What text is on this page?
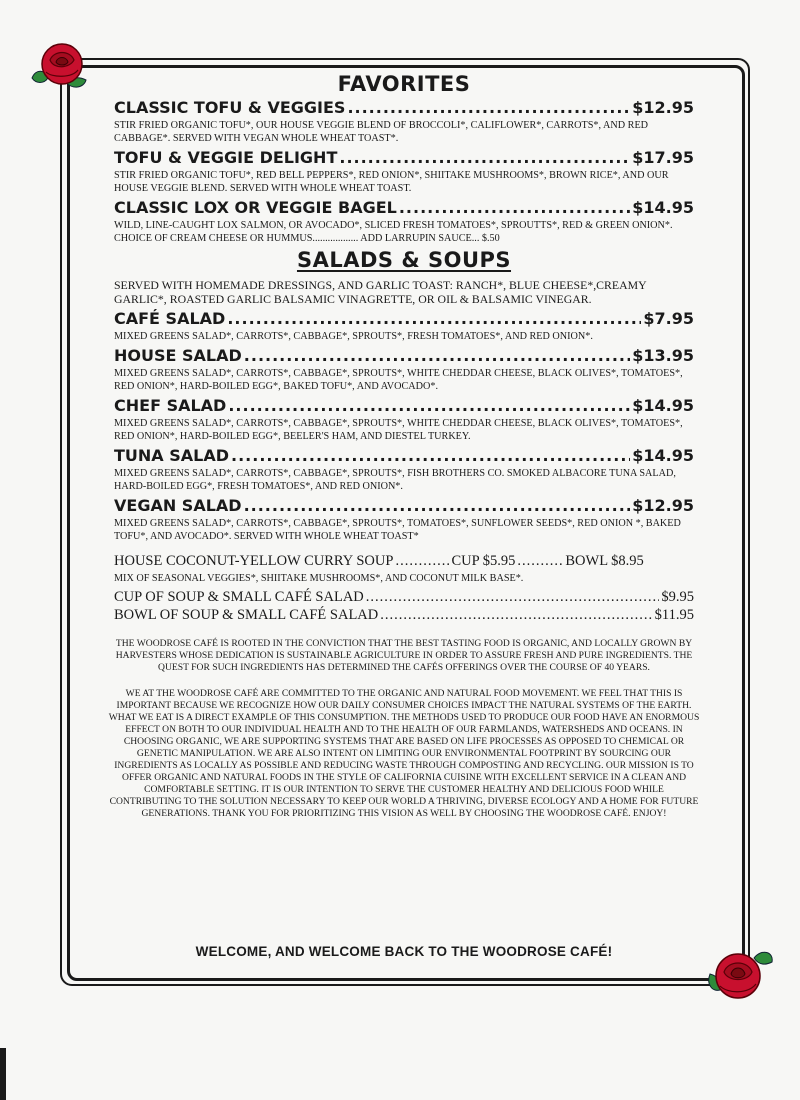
FAVORITES
CLASSIC TOFU & VEGGIES .....	$12.95
STIR FRIED ORGANIC TOFU*, OUR HOUSE VEGGIE BLEND OF BROCCOLI*, CALIFLOWER*, CARROTS*, AND RED CABBAGE*. SERVED WITH VEGAN WHOLE WHEAT TOAST*.
TOFU & VEGGIE DELIGHT .....	$17.95
STIR FRIED ORGANIC TOFU*, RED BELL PEPPERS*, RED ONION*, SHIITAKE MUSHROOMS*, BROWN RICE*, AND OUR HOUSE VEGGIE BLEND. SERVED WITH WHOLE WHEAT TOAST.
CLASSIC LOX OR VEGGIE BAGEL .....	$14.95
WILD, LINE-CAUGHT LOX SALMON, OR AVOCADO*, SLICED FRESH TOMATOES*, SPROUTTS*, RED & GREEN ONION*. CHOICE OF CREAM CHEESE OR HUMMUS.................. ADD LARRUPIN SAUCE... $.50
SALADS & SOUPS
SERVED WITH HOMEMADE DRESSINGS, AND GARLIC TOAST: RANCH*, BLUE CHEESE*,CREAMY GARLIC*, ROASTED GARLIC BALSAMIC VINAGRETTE, OR OIL & BALSAMIC VINEGAR.
CAFÉ SALAD .....	$7.95
MIXED GREENS SALAD*, CARROTS*, CABBAGE*, SPROUTS*, FRESH TOMATOES*, AND RED ONION*.
HOUSE SALAD .....	$13.95
MIXED GREENS SALAD*, CARROTS*, CABBAGE*, SPROUTS*, WHITE CHEDDAR CHEESE, BLACK OLIVES*, TOMATOES*, RED ONION*, HARD-BOILED EGG*, BAKED TOFU*, AND AVOCADO*.
CHEF SALAD .....	$14.95
MIXED GREENS SALAD*, CARROTS*, CABBAGE*, SPROUTS*, WHITE CHEDDAR CHEESE, BLACK OLIVES*, TOMATOES*, RED ONION*, HARD-BOILED EGG*, BEELER'S HAM, AND DIESTEL TURKEY.
TUNA SALAD .....	$14.95
MIXED GREENS SALAD*, CARROTS*, CABBAGE*, SPROUTS*, FISH BROTHERS CO. SMOKED ALBACORE TUNA SALAD, HARD-BOILED EGG*, FRESH TOMATOES*, AND RED ONION*.
VEGAN SALAD .....	$12.95
MIXED GREENS SALAD*, CARROTS*, CABBAGE*, SPROUTS*, TOMATOES*, SUNFLOWER SEEDS*, RED ONION *, BAKED TOFU*, AND AVOCADO*. SERVED WITH WHOLE WHEAT TOAST*
HOUSE COCONUT-YELLOW CURRY SOUP .....	CUP $5.95 .....	BOWL $8.95
MIX OF SEASONAL VEGGIES*, SHIITAKE MUSHROOMS*, AND COCONUT MILK BASE*.
CUP OF SOUP & SMALL CAFÉ SALAD .....	$9.95
BOWL OF SOUP & SMALL CAFÉ SALAD .....	$11.95

THE WOODROSE CAFÉ IS ROOTED IN THE CONVICTION THAT THE BEST TASTING FOOD IS ORGANIC, AND LOCALLY GROWN BY HARVESTERS WHOSE DEDICATION IS SUSTAINABLE AGRICULTURE IN ORDER TO ASSURE FRESH AND PURE INGREDIENTS. THE QUEST FOR SUCH INGREDIENTS HAS DETERMINED THE CAFÉS OFFERINGS OVER THE COURSE OF 40 YEARS.

WE AT THE WOODROSE CAFÉ ARE COMMITTED TO THE ORGANIC AND NATURAL FOOD MOVEMENT. WE FEEL THAT THIS IS IMPORTANT BECAUSE WE RECOGNIZE HOW OUR DAILY CONSUMER CHOICES IMPACT THE NATURAL SYSTEMS OF THE EARTH. WHAT WE EAT IS A DIRECT EXAMPLE OF THIS CONSUMPTION. THE METHODS USED TO PRODUCE OUR FOOD HAVE AN ENORMOUS EFFECT ON BOTH TO OUR INDIVIDUAL HEALTH AND TO THE HEALTH OF OUR FARMLANDS, WATERSHEDS AND OCEANS. IN CHOOSING ORGANIC, WE ARE SUPPORTING SYSTEMS THAT ARE BASED ON LIFE PROCESSES AS OPPOSED TO CHEMICAL OR GENETIC MANIPULATION. WE ARE ALSO INTENT ON LIMITING OUR ENVIRONMENTAL FOOTPRINT BY SOURCING OUR INGREDIENTS AS LOCALLY AS POSSIBLE AND REDUCING WASTE THROUGH COMPOSTING AND RECYCLING. OUR MISSION IS TO OFFER ORGANIC AND NATURAL FOODS IN THE STYLE OF CALIFORNIA CUISINE WITH EXCELLENT SERVICE IN A CLEAN AND COMFORTABLE SETTING. IT IS OUR INTENTION TO SERVE THE CUSTOMER HEALTHY AND DELICIOUS FOOD WHILE CONTRIBUTING TO THE SOLUTION NECESSARY TO KEEP OUR WORLD A THRIVING, DIVERSE ECOLOGY AND A HOME FOR FUTURE GENERATIONS. THANK YOU FOR PRIORITIZING THIS VISION AS WELL BY CHOOSING THE WOODROSE CAFÉ. ENJOY!

WELCOME, AND WELCOME BACK TO THE WOODROSE CAFÉ!
